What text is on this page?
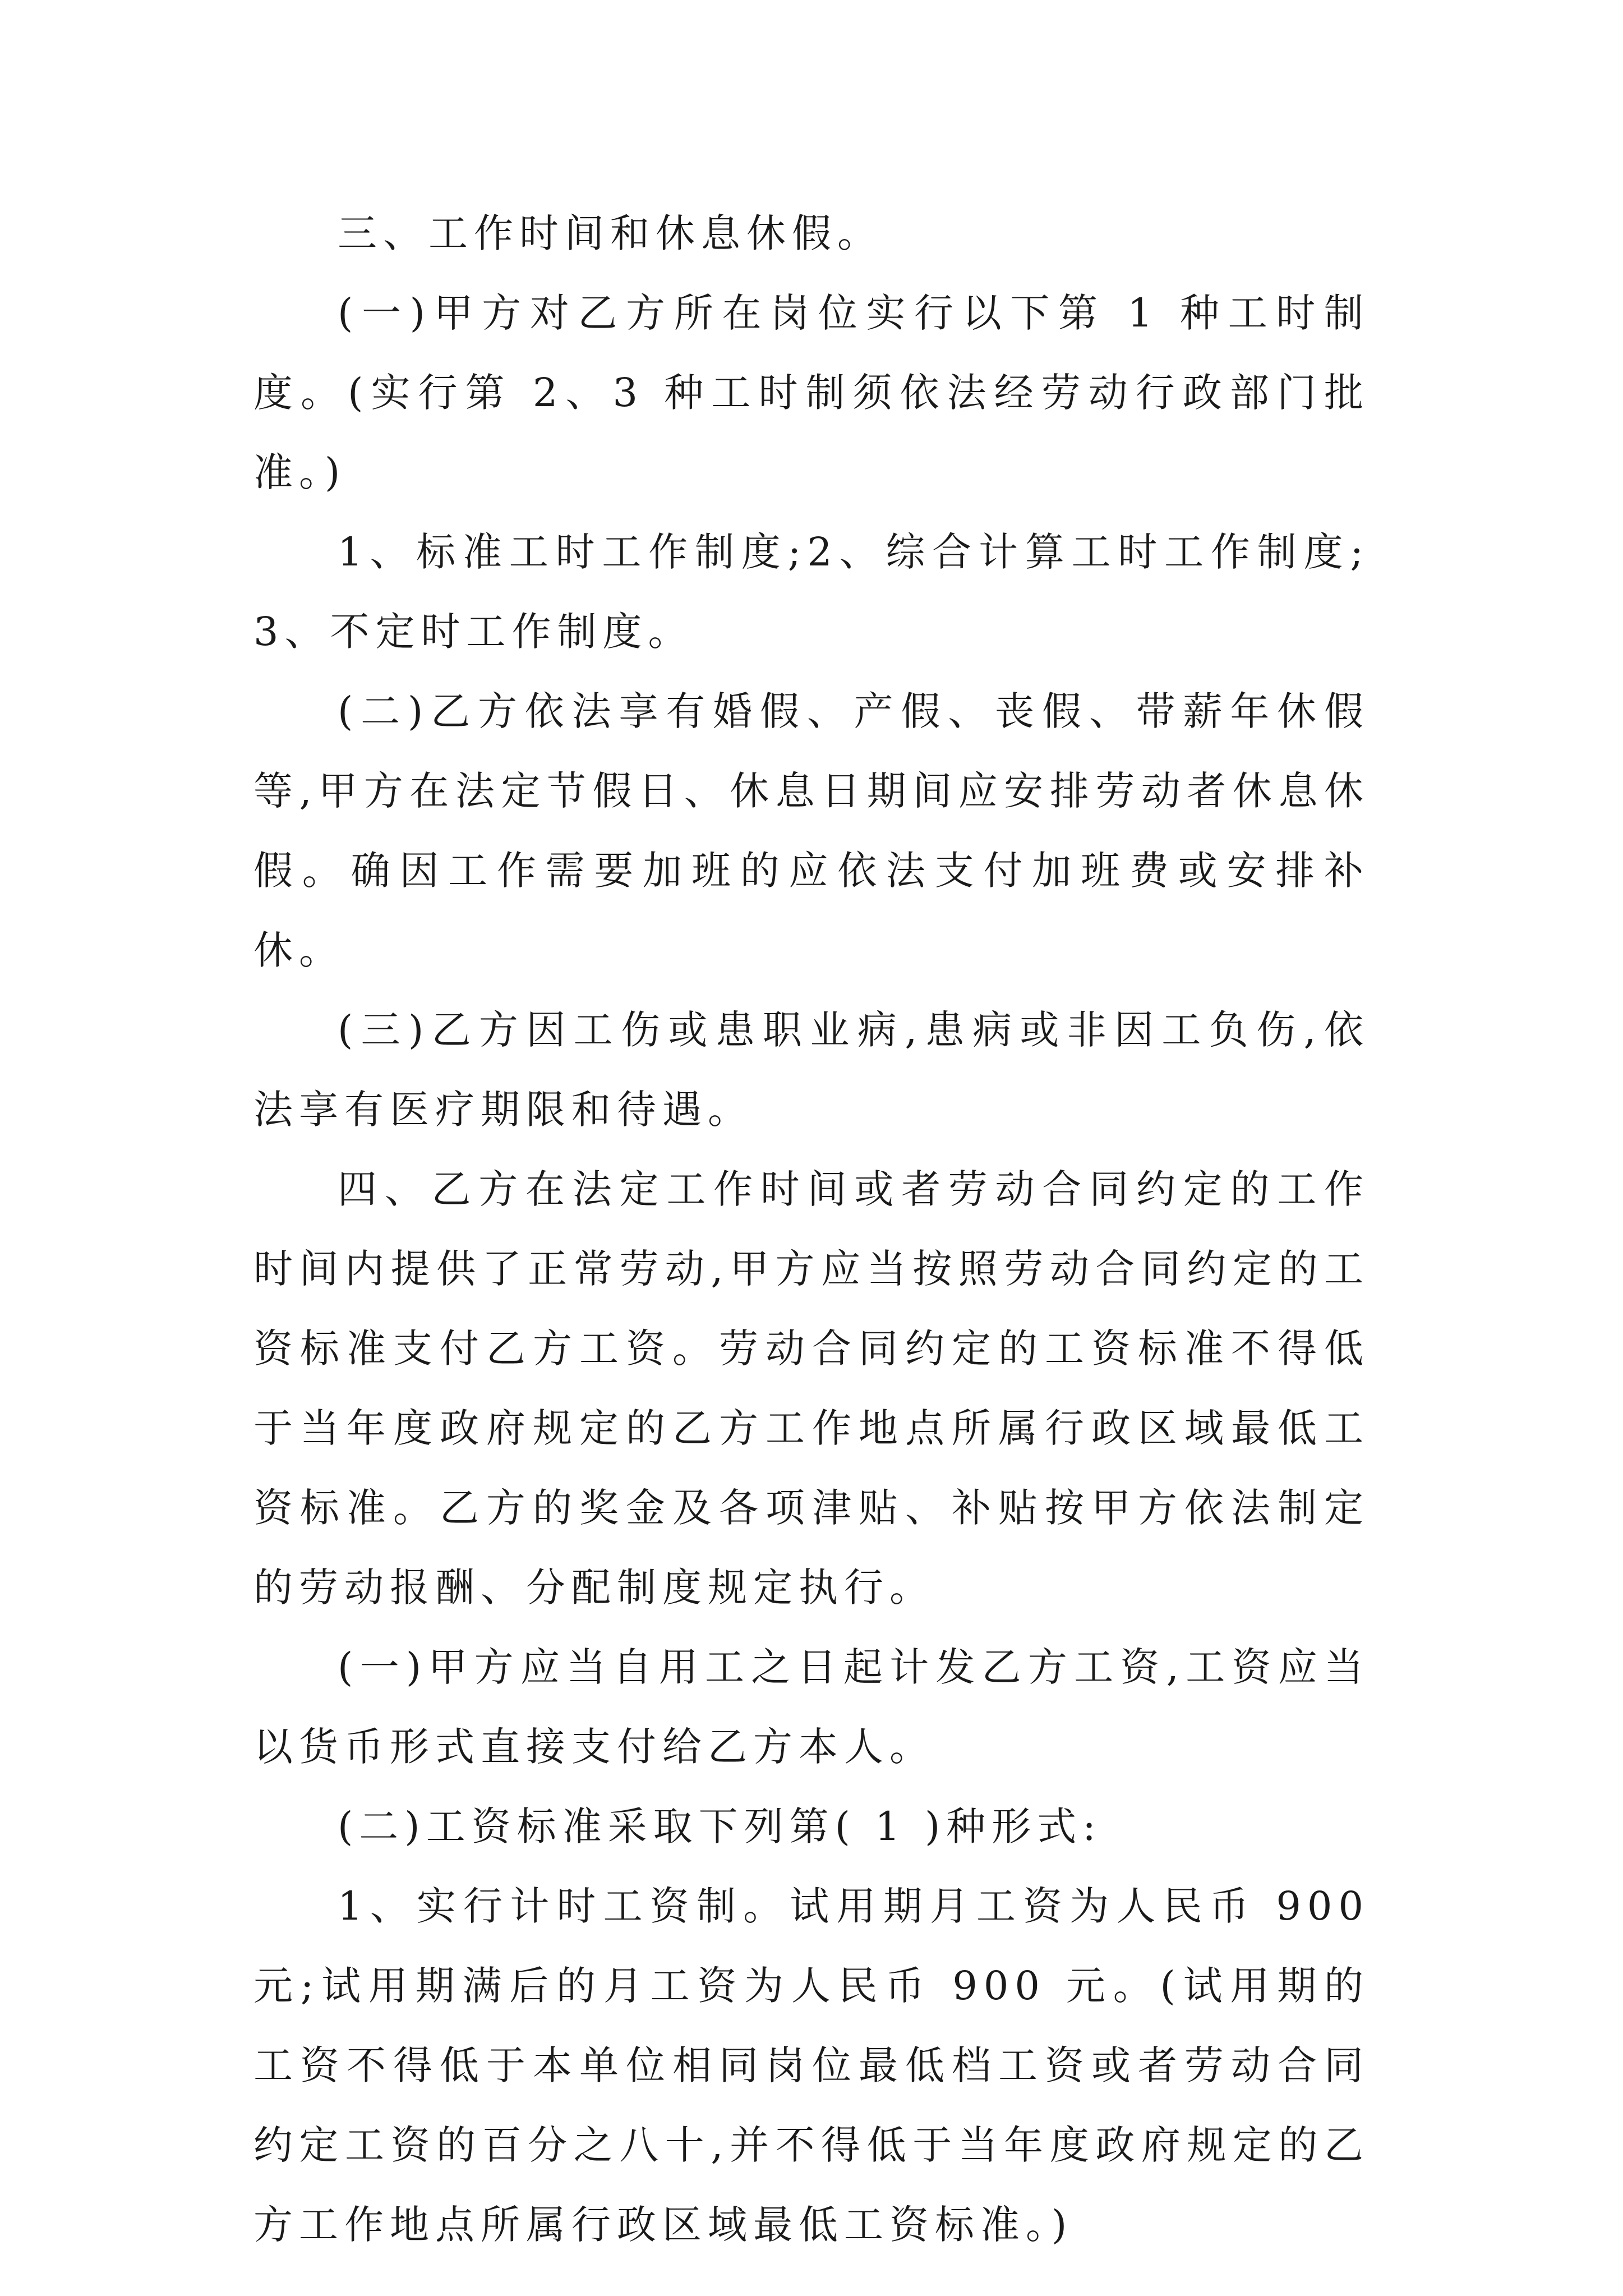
三、工作时间和休息休假。

(一)甲方对乙方所在岗位实行以下第 1 种工时制度。(实行第 2、3 种工时制须依法经劳动行政部门批准。)

1、标准工时工作制度;2、综合计算工时工作制度;3、不定时工作制度。

(二)乙方依法享有婚假、产假、丧假、带薪年休假等,甲方在法定节假日、休息日期间应安排劳动者休息休假。确因工作需要加班的应依法支付加班费或安排补休。

(三)乙方因工伤或患职业病,患病或非因工负伤,依法享有医疗期限和待遇。

四、乙方在法定工作时间或者劳动合同约定的工作时间内提供了正常劳动,甲方应当按照劳动合同约定的工资标准支付乙方工资。劳动合同约定的工资标准不得低于当年度政府规定的乙方工作地点所属行政区域最低工资标准。乙方的奖金及各项津贴、补贴按甲方依法制定的劳动报酬、分配制度规定执行。

(一)甲方应当自用工之日起计发乙方工资,工资应当以货币形式直接支付给乙方本人。

(二)工资标准采取下列第( 1 )种形式:

1、实行计时工资制。试用期月工资为人民币 900 元;试用期满后的月工资为人民币 900 元。(试用期的工资不得低于本单位相同岗位最低档工资或者劳动合同约定工资的百分之八十,并不得低于当年度政府规定的乙方工作地点所属行政区域最低工资标准。)
